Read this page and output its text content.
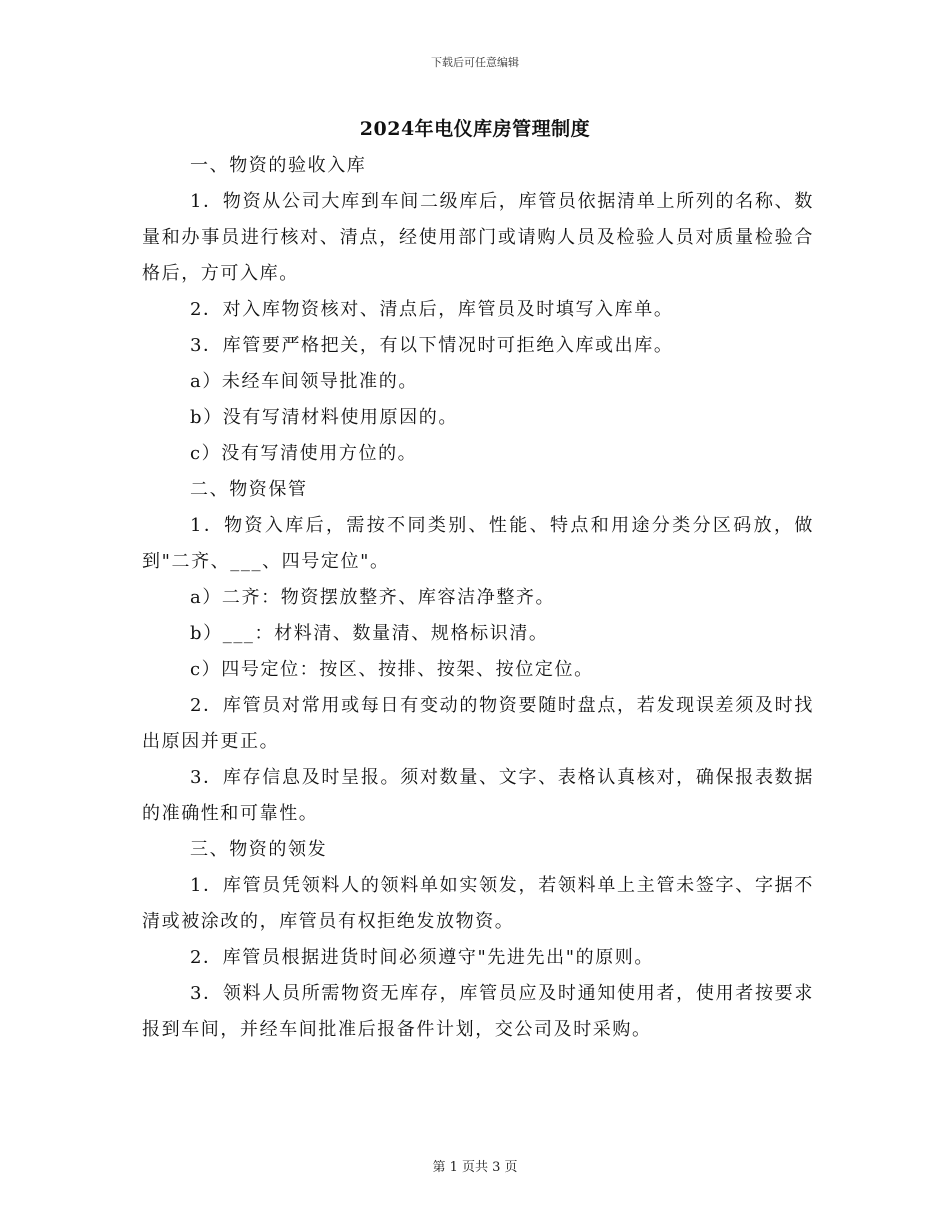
下载后可任意编辑
2024年电仪库房管理制度

一、物资的验收入库

1．物资从公司大库到车间二级库后，库管员依据清单上所列的名称、数量和办事员进行核对、清点，经使用部门或请购人员及检验人员对质量检验合格后，方可入库。

2．对入库物资核对、清点后，库管员及时填写入库单。

3．库管要严格把关，有以下情况时可拒绝入库或出库。

a）未经车间领导批准的。

b）没有写清材料使用原因的。

c）没有写清使用方位的。

二、物资保管

1．物资入库后，需按不同类别、性能、特点和用途分类分区码放，做到"二齐、___、四号定位"。

a）二齐：物资摆放整齐、库容洁净整齐。

b）___：材料清、数量清、规格标识清。

c）四号定位：按区、按排、按架、按位定位。

2．库管员对常用或每日有变动的物资要随时盘点，若发现误差须及时找出原因并更正。

3．库存信息及时呈报。须对数量、文字、表格认真核对，确保报表数据的准确性和可靠性。

三、物资的领发

1．库管员凭领料人的领料单如实领发，若领料单上主管未签字、字据不清或被涂改的，库管员有权拒绝发放物资。

2．库管员根据进货时间必须遵守"先进先出"的原则。

3．领料人员所需物资无库存，库管员应及时通知使用者，使用者按要求报到车间，并经车间批准后报备件计划，交公司及时采购。

第 1 页共 3 页
